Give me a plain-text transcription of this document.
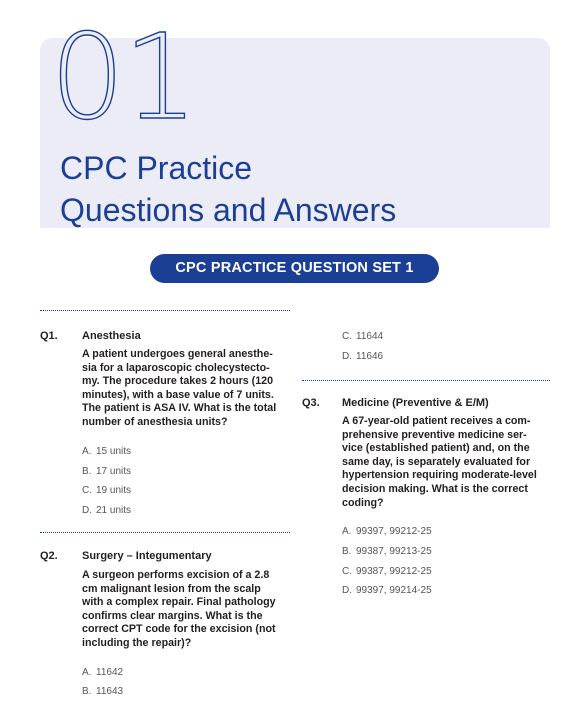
01
CPC Practice
Questions and Answers
CPC PRACTICE QUESTION SET 1
Q1. Anesthesia

A patient undergoes general anesthe-
sia for a laparoscopic cholecystecto-
my. The procedure takes 2 hours (120
minutes), with a base value of 7 units.
The patient is ASA IV. What is the total
number of anesthesia units?

A. 15 units
B. 17 units
C. 19 units
D. 21 units
Q2. Surgery – Integumentary

A surgeon performs excision of a 2.8
cm malignant lesion from the scalp
with a complex repair. Final pathology
confirms clear margins. What is the
correct CPT code for the excision (not
including the repair)?

A. 11642
B. 11643
C. 11644
D. 11646
Q3. Medicine (Preventive & E/M)

A 67-year-old patient receives a com-
prehensive preventive medicine ser-
vice (established patient) and, on the
same day, is separately evaluated for
hypertension requiring moderate-level
decision making. What is the correct
coding?

A. 99397, 99212-25
B. 99387, 99213-25
C. 99387, 99212-25
D. 99397, 99214-25
